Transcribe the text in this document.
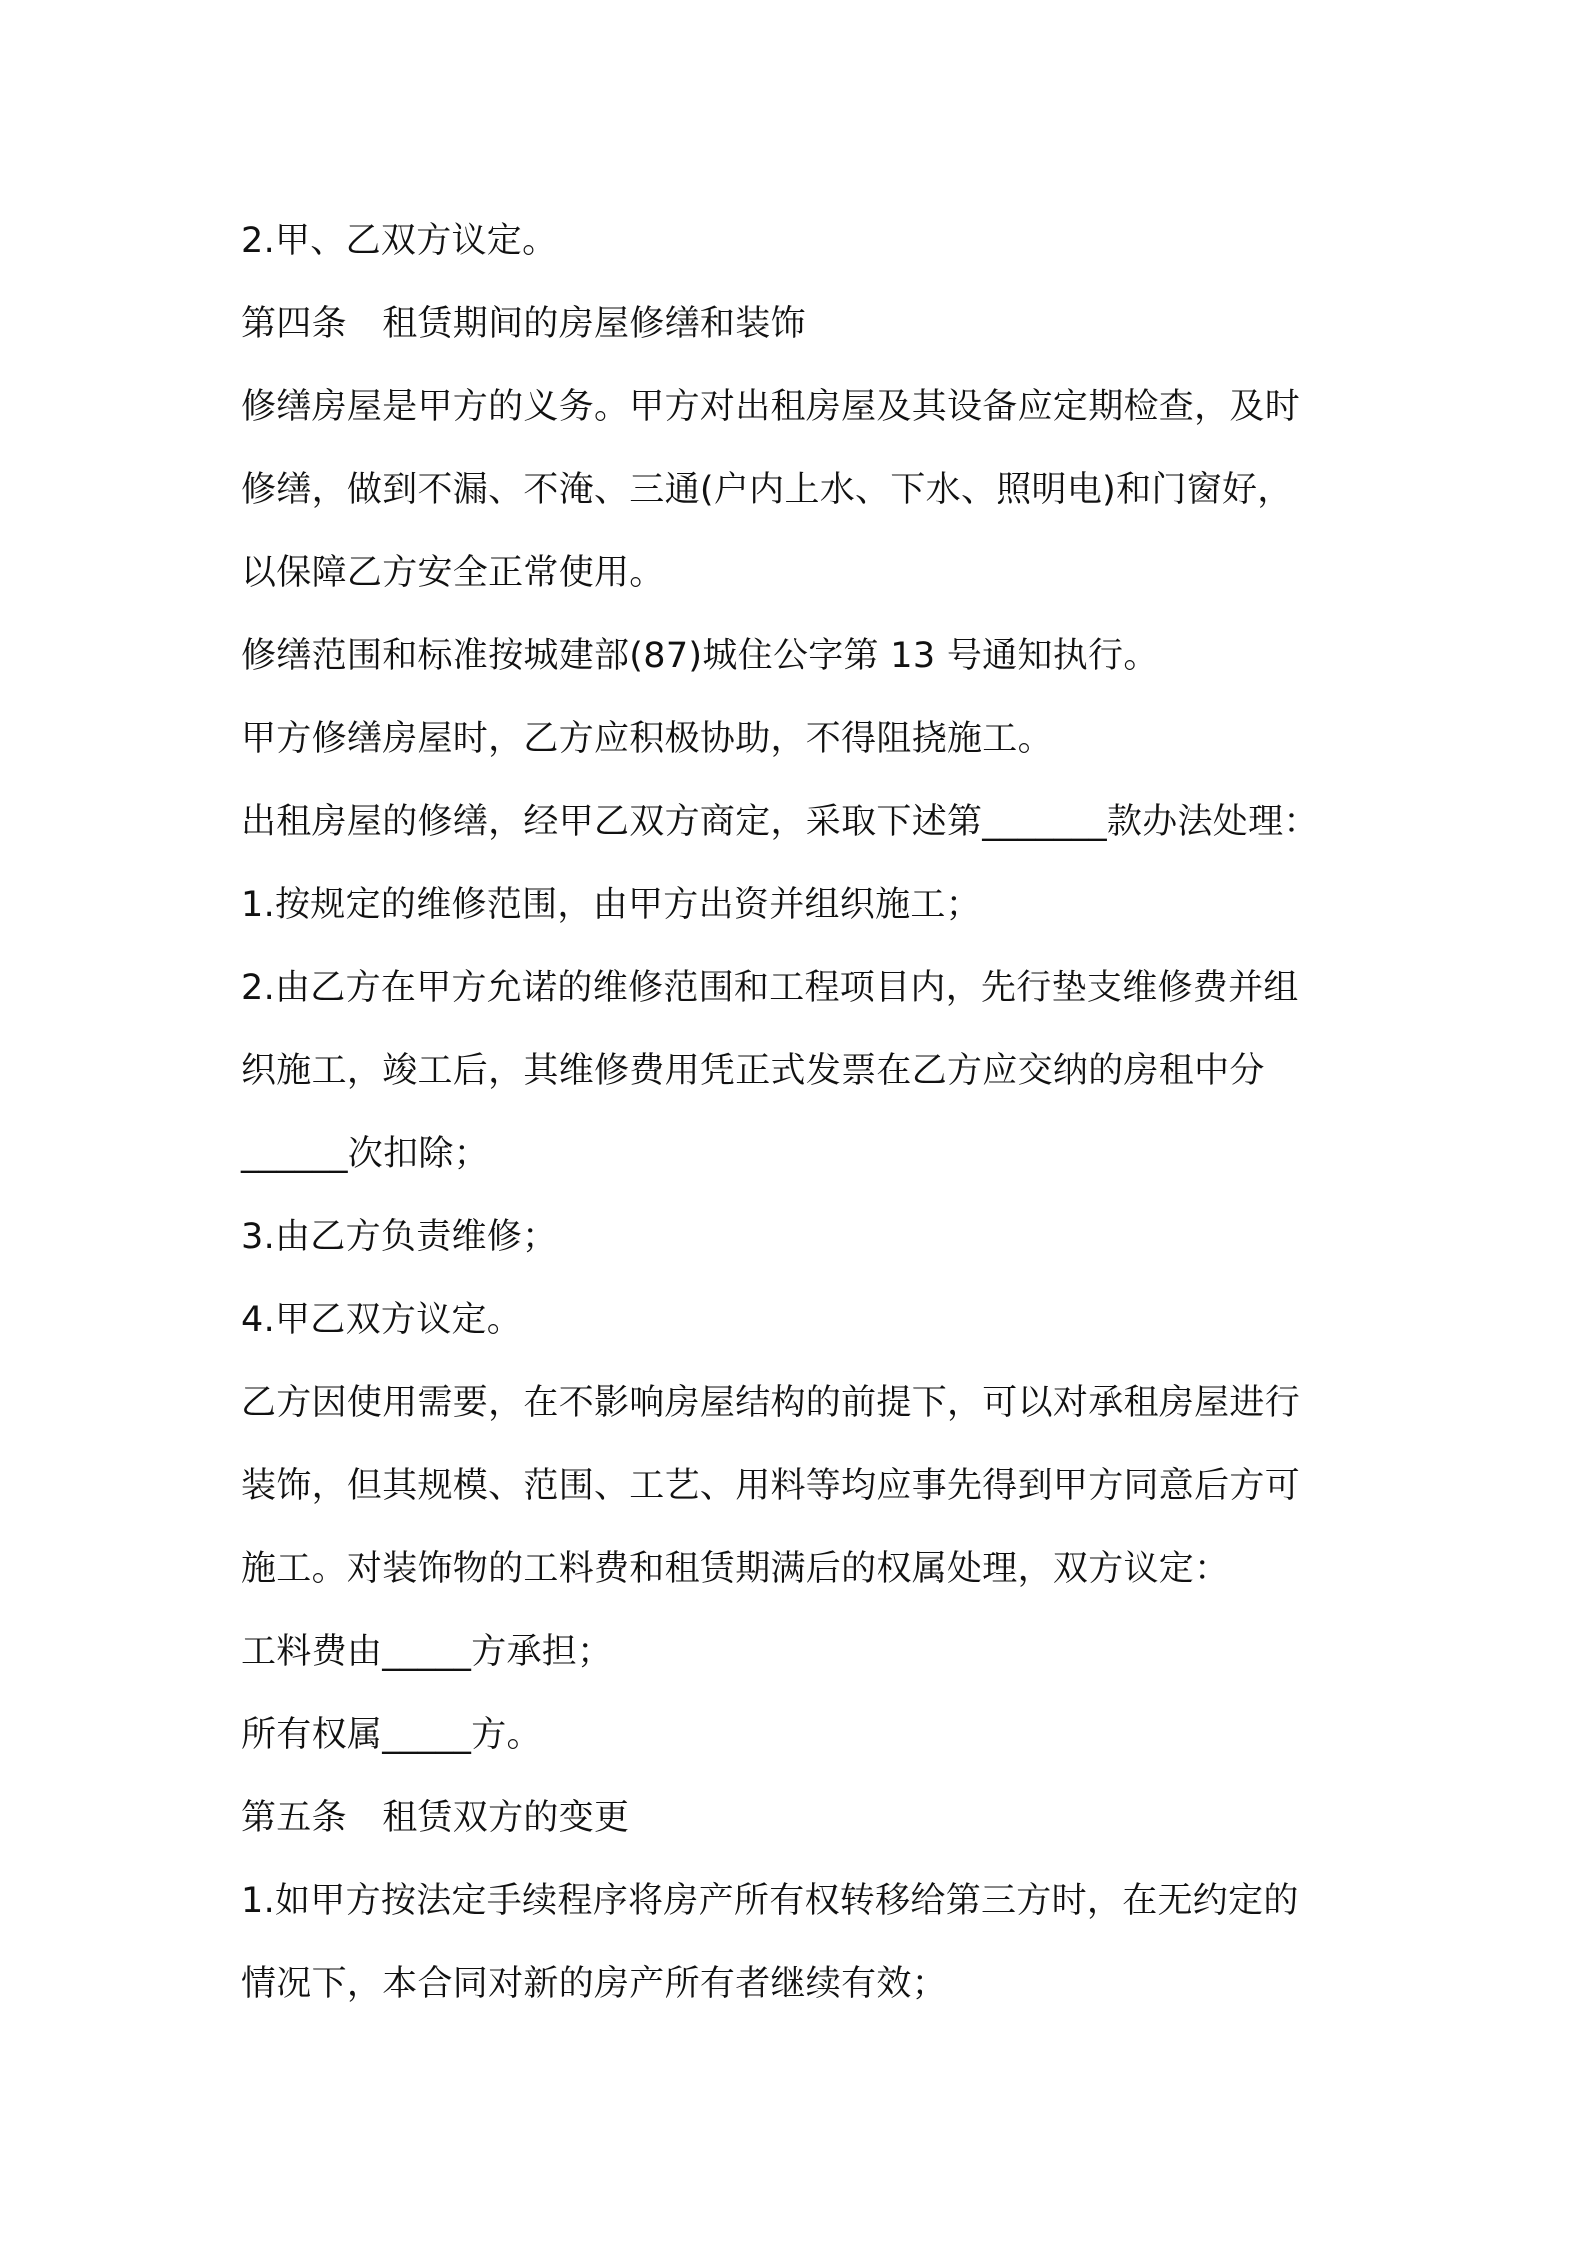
2.甲、乙双方议定。
第四条　租赁期间的房屋修缮和装饰
修缮房屋是甲方的义务。甲方对出租房屋及其设备应定期检查，及时
修缮，做到不漏、不淹、三通(户内上水、下水、照明电)和门窗好，
以保障乙方安全正常使用。
修缮范围和标准按城建部(87)城住公字第 13 号通知执行。
甲方修缮房屋时，乙方应积极协助，不得阻挠施工。
出租房屋的修缮，经甲乙双方商定，采取下述第_______款办法处理：
1.按规定的维修范围，由甲方出资并组织施工；
2.由乙方在甲方允诺的维修范围和工程项目内，先行垫支维修费并组
织施工，竣工后，其维修费用凭正式发票在乙方应交纳的房租中分
______次扣除；
3.由乙方负责维修；
4.甲乙双方议定。
乙方因使用需要，在不影响房屋结构的前提下，可以对承租房屋进行
装饰，但其规模、范围、工艺、用料等均应事先得到甲方同意后方可
施工。对装饰物的工料费和租赁期满后的权属处理，双方议定：
工料费由_____方承担；
所有权属_____方。
第五条　租赁双方的变更
1.如甲方按法定手续程序将房产所有权转移给第三方时，在无约定的
情况下，本合同对新的房产所有者继续有效；
